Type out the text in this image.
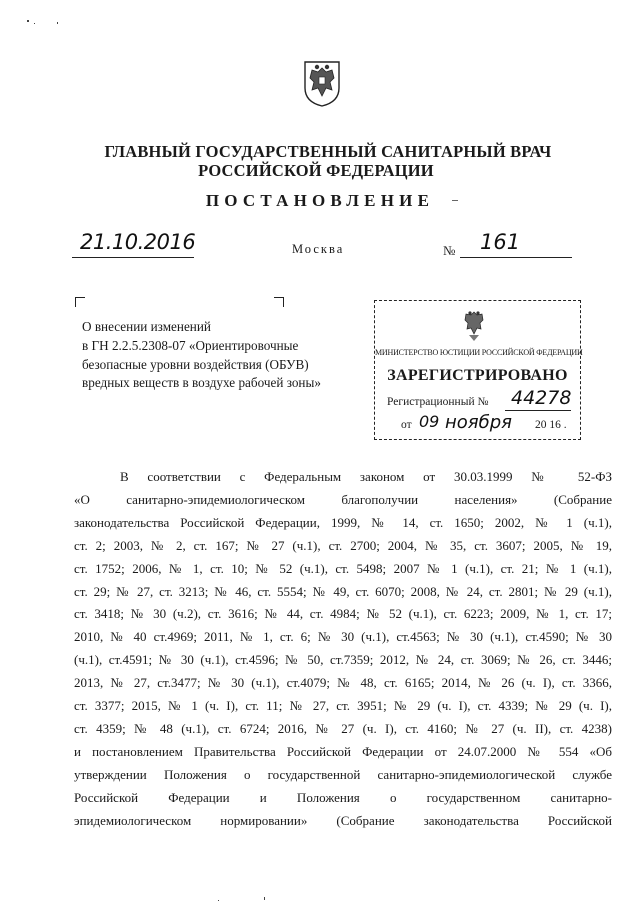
ГЛАВНЫЙ ГОСУДАРСТВЕННЫЙ САНИТАРНЫЙ ВРАЧ
РОССИЙСКОЙ ФЕДЕРАЦИИ
ПОСТАНОВЛЕНИЕ
21.10.2016	Москва	№ 161
О внесении изменений
в ГН 2.2.5.2308-07 «Ориентировочные
безопасные уровни воздействия (ОБУВ)
вредных веществ в воздухе рабочей зоны»
МИНИСТЕРСТВО ЮСТИЦИИ РОССИЙСКОЙ ФЕДЕРАЦИИ
ЗАРЕГИСТРИРОВАНО
Регистрационный № 44278
от 09 ноября 20 16 .
В соответствии с Федеральным законом от 30.03.1999 № 52-ФЗ
«О санитарно-эпидемиологическом благополучии населения» (Собрание
законодательства Российской Федерации, 1999, № 14, ст. 1650; 2002, № 1 (ч.1),
ст. 2; 2003, № 2, ст. 167; № 27 (ч.1), ст. 2700; 2004, № 35, ст. 3607; 2005, № 19,
ст. 1752; 2006, № 1, ст. 10; № 52 (ч.1), ст. 5498; 2007 № 1 (ч.1), ст. 21; № 1 (ч.1),
ст. 29; № 27, ст. 3213; № 46, ст. 5554; № 49, ст. 6070; 2008, № 24, ст. 2801; № 29 (ч.1),
ст. 3418; № 30 (ч.2), ст. 3616; № 44, ст. 4984; № 52 (ч.1), ст. 6223; 2009, № 1, ст. 17;
2010, № 40 ст.4969; 2011, № 1, ст. 6; № 30 (ч.1), ст.4563; № 30 (ч.1), ст.4590; № 30
(ч.1), ст.4591; № 30 (ч.1), ст.4596; № 50, ст.7359; 2012, № 24, ст. 3069; № 26, ст. 3446;
2013, № 27, ст.3477; № 30 (ч.1), ст.4079; № 48, ст. 6165; 2014, № 26 (ч. I), ст. 3366,
ст. 3377; 2015, № 1 (ч. I), ст. 11; № 27, ст. 3951; № 29 (ч. I), ст. 4339; № 29 (ч. I),
ст. 4359; № 48 (ч.1), ст. 6724; 2016, № 27 (ч. I), ст. 4160; № 27 (ч. II), ст. 4238)
и постановлением Правительства Российской Федерации от 24.07.2000 № 554 «Об
утверждении Положения о государственной санитарно-эпидемиологической службе
Российской Федерации и Положения о государственном санитарно-
эпидемиологическом нормировании» (Собрание законодательства Российской
